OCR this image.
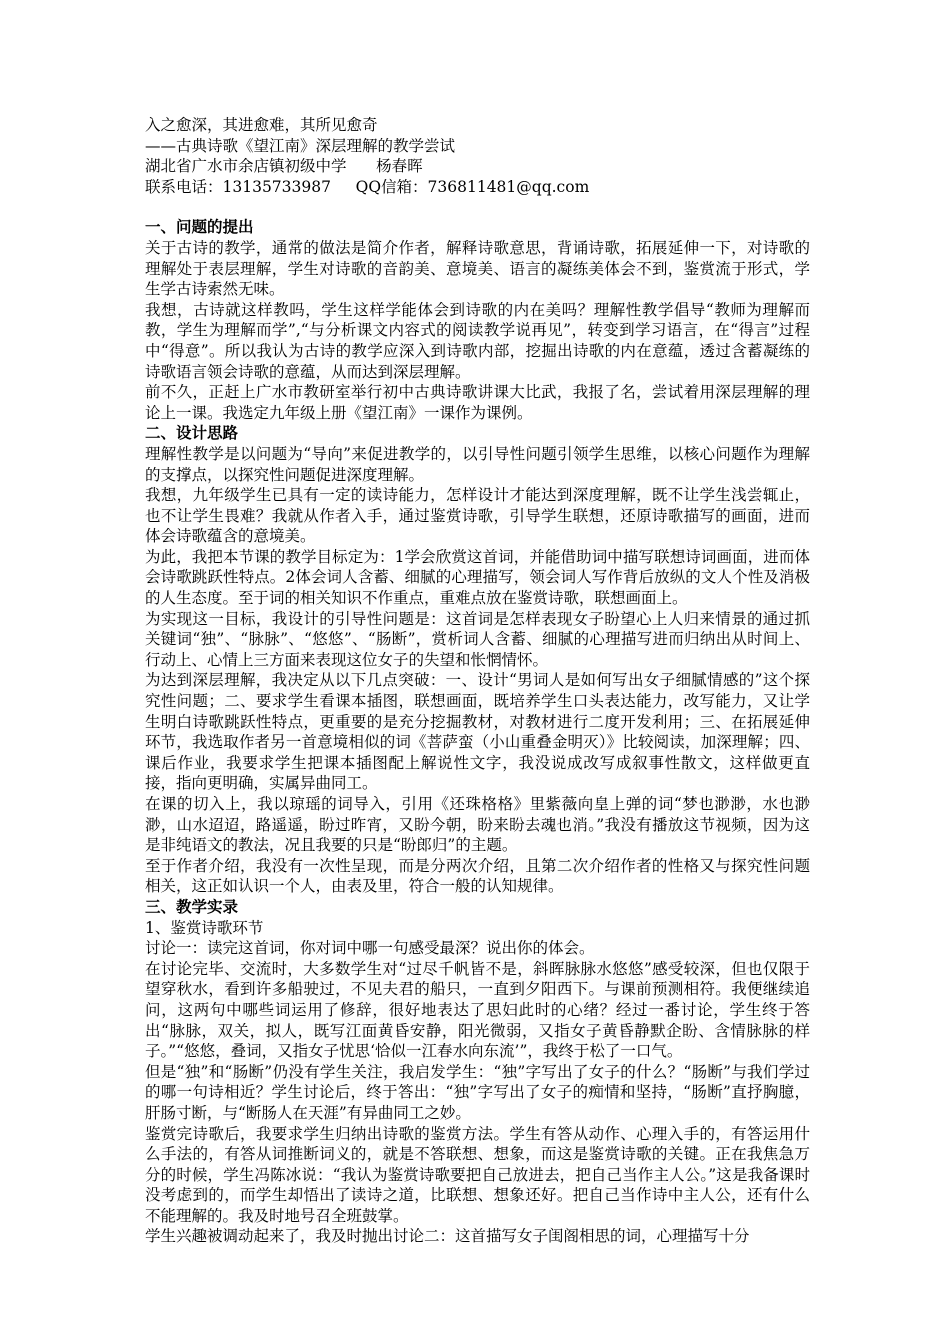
入之愈深，其进愈难，其所见愈奇

——古典诗歌《望江南》深层理解的教学尝试

湖北省广水市余店镇初级中学      杨春晖

联系电话：13135733987     QQ信箱：736811481@qq.com

一、问题的提出

关于古诗的教学，通常的做法是简介作者，解释诗歌意思，背诵诗歌，拓展延伸一下，对诗歌的理解处于表层理解，学生对诗歌的音韵美、意境美、语言的凝练美体会不到，鉴赏流于形式，学生学古诗索然无味。

我想，古诗就这样教吗，学生这样学能体会到诗歌的内在美吗？理解性教学倡导“教师为理解而教，学生为理解而学”,“与分析课文内容式的阅读教学说再见”，转变到学习语言，在“得言”过程中“得意”。所以我认为古诗的教学应深入到诗歌内部，挖掘出诗歌的内在意蕴，透过含蓄凝练的诗歌语言领会诗歌的意蕴，从而达到深层理解。

前不久，正赶上广水市教研室举行初中古典诗歌讲课大比武，我报了名，尝试着用深层理解的理论上一课。我选定九年级上册《望江南》一课作为课例。

二、设计思路

理解性教学是以问题为“导向”来促进教学的，以引导性问题引领学生思维，以核心问题作为理解的支撑点，以探究性问题促进深度理解。

我想，九年级学生已具有一定的读诗能力，怎样设计才能达到深度理解，既不让学生浅尝辄止，也不让学生畏难？我就从作者入手，通过鉴赏诗歌，引导学生联想，还原诗歌描写的画面，进而体会诗歌蕴含的意境美。

为此，我把本节课的教学目标定为：1学会欣赏这首词，并能借助词中描写联想诗词画面，进而体会诗歌跳跃性特点。2体会词人含蓄、细腻的心理描写，领会词人写作背后放纵的文人个性及消极的人生态度。至于词的相关知识不作重点，重难点放在鉴赏诗歌，联想画面上。

为实现这一目标，我设计的引导性问题是：这首词是怎样表现女子盼望心上人归来情景的通过抓关键词“独”、“脉脉”、“悠悠”、“肠断”，赏析词人含蓄、细腻的心理描写进而归纳出从时间上、行动上、心情上三方面来表现这位女子的失望和怅惘情怀。

为达到深层理解，我决定从以下几点突破：一、设计“男词人是如何写出女子细腻情感的”这个探究性问题；二、要求学生看课本插图，联想画面，既培养学生口头表达能力，改写能力，又让学生明白诗歌跳跃性特点，更重要的是充分挖掘教材，对教材进行二度开发利用；三、在拓展延伸环节，我选取作者另一首意境相似的词《菩萨蛮（小山重叠金明灭）》比较阅读，加深理解；四、课后作业，我要求学生把课本插图配上解说性文字，我没说成改写成叙事性散文，这样做更直接，指向更明确，实属异曲同工。

在课的切入上，我以琼瑶的词导入，引用《还珠格格》里紫薇向皇上弹的词“梦也渺渺，水也渺渺，山水迢迢，路遥遥，盼过昨宵，又盼今朝，盼来盼去魂也消。”我没有播放这节视频，因为这是非纯语文的教法，况且我要的只是“盼郎归”的主题。

至于作者介绍，我没有一次性呈现，而是分两次介绍，且第二次介绍作者的性格又与探究性问题相关，这正如认识一个人，由表及里，符合一般的认知规律。

三、教学实录

1、鉴赏诗歌环节

讨论一：读完这首词，你对词中哪一句感受最深？说出你的体会。

在讨论完毕、交流时，大多数学生对“过尽千帆皆不是，斜晖脉脉水悠悠”感受较深，但也仅限于望穿秋水，看到许多船驶过，不见夫君的船只，一直到夕阳西下。与课前预测相符。我便继续追问，这两句中哪些词运用了修辞，很好地表达了思妇此时的心绪？经过一番讨论，学生终于答出“脉脉，双关，拟人，既写江面黄昏安静，阳光微弱，又指女子黄昏静默企盼、含情脉脉的样子。”“悠悠，叠词，又指女子忧思‘恰似一江春水向东流’”，我终于松了一口气。

但是“独”和“肠断”仍没有学生关注，我启发学生：“独”字写出了女子的什么？“肠断”与我们学过的哪一句诗相近？学生讨论后，终于答出：“独”字写出了女子的痴情和坚持，“肠断”直抒胸臆，肝肠寸断，与“断肠人在天涯”有异曲同工之妙。

鉴赏完诗歌后，我要求学生归纳出诗歌的鉴赏方法。学生有答从动作、心理入手的，有答运用什么手法的，有答从词推断词义的，就是不答联想、想象，而这是鉴赏诗歌的关键。正在我焦急万分的时候，学生冯陈冰说：“我认为鉴赏诗歌要把自己放进去，把自己当作主人公。”这是我备课时没考虑到的，而学生却悟出了读诗之道，比联想、想象还好。把自己当作诗中主人公，还有什么不能理解的。我及时地号召全班鼓掌。

学生兴趣被调动起来了，我及时抛出讨论二：这首描写女子闺阁相思的词，心理描写十分
